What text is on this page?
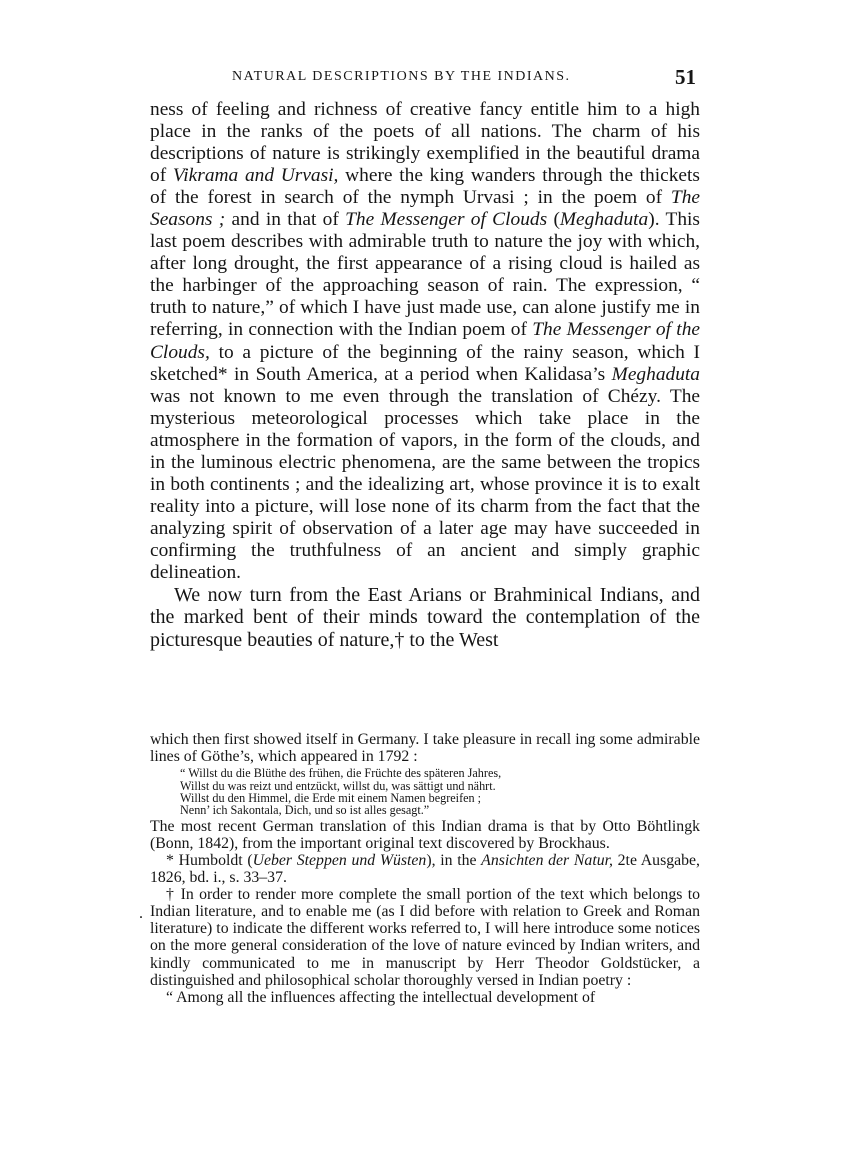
NATURAL DESCRIPTIONS BY THE INDIANS.	51

ness of feeling and richness of creative fancy entitle him to a high place in the ranks of the poets of all nations. The charm of his descriptions of nature is strikingly exemplified in the beautiful drama of Vikrama and Urvasi, where the king wanders through the thickets of the forest in search of the nymph Urvasi ; in the poem of The Seasons ; and in that of The Messenger of Clouds (Meghaduta). This last poem describes with admirable truth to nature the joy with which, after long drought, the first appearance of a rising cloud is hailed as the harbinger of the approaching season of rain. The expression, “ truth to nature,” of which I have just made use, can alone justify me in referring, in connection with the Indian poem of The Messenger of the Clouds, to a picture of the beginning of the rainy season, which I sketched* in South America, at a period when Kalidasa’s Meghaduta was not known to me even through the translation of Chézy. The mysterious meteorological processes which take place in the atmosphere in the formation of vapors, in the form of the clouds, and in the luminous electric phenomena, are the same between the tropics in both continents ; and the idealizing art, whose province it is to exalt reality into a picture, will lose none of its charm from the fact that the analyzing spirit of observation of a later age may have succeeded in confirming the truthfulness of an ancient and simply graphic delineation.

We now turn from the East Arians or Brahminical Indians, and the marked bent of their minds toward the contemplation of the picturesque beauties of nature,† to the West

which then first showed itself in Germany. I take pleasure in recall ing some admirable lines of Göthe’s, which appeared in 1792 :

“ Willst du die Blüthe des frühen, die Früchte des späteren Jahres,
Willst du was reizt und entzückt, willst du, was sättigt und nährt.
Willst du den Himmel, die Erde mit einem Namen begreifen ;
Nenn’ ich Sakontala, Dich, und so ist alles gesagt.”

The most recent German translation of this Indian drama is that by Otto Böhtlingk (Bonn, 1842), from the important original text discovered by Brockhaus.

* Humboldt (Ueber Steppen und Wüsten), in the Ansichten der Natur, 2te Ausgabe, 1826, bd. i., s. 33–37.

† In order to render more complete the small portion of the text which belongs to Indian literature, and to enable me (as I did before with relation to Greek and Roman literature) to indicate the different works referred to, I will here introduce some notices on the more general consideration of the love of nature evinced by Indian writers, and kindly communicated to me in manuscript by Herr Theodor Goldstücker, a distinguished and philosophical scholar thoroughly versed in Indian poetry :

“ Among all the influences affecting the intellectual development of

.
